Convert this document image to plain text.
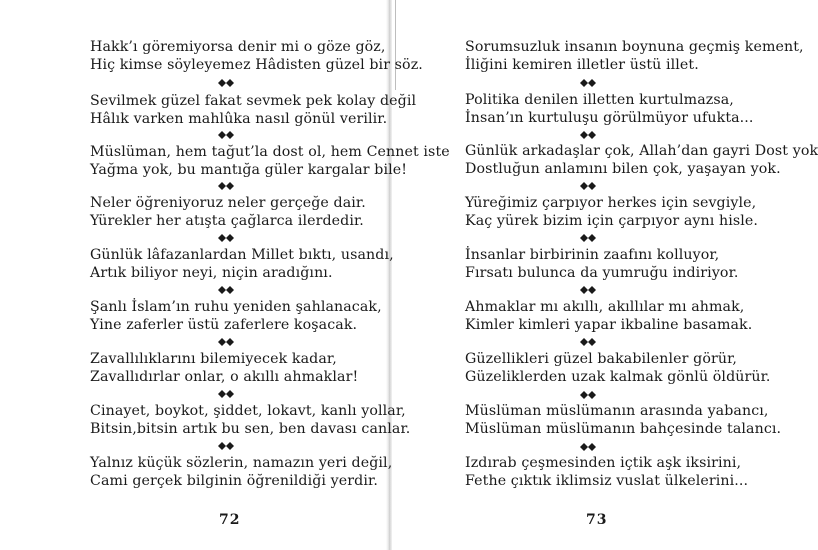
Hakk’ı göremiyorsa denir mi o göze göz,
Hiç kimse söyleyemez Hâdisten güzel bir söz.
Sevilmek güzel fakat sevmek pek kolay değil
Hâlık varken mahlûka nasıl gönül verilir.
Müslüman, hem tağut’la dost ol, hem Cennet iste
Yağma yok, bu mantığa güler kargalar bile!
Neler öğreniyoruz neler gerçeğe dair.
Yürekler her atışta çağlarca ilerdedir.
Günlük lâfazanlardan Millet bıktı, usandı,
Artık biliyor neyi, niçin aradığını.
Şanlı İslam’ın ruhu yeniden şahlanacak,
Yine zaferler üstü zaferlere koşacak.
Zavallılıklarını bilemiyecek kadar,
Zavallıdırlar onlar, o akıllı ahmaklar!
Cinayet, boykot, şiddet, lokavt, kanlı yollar,
Bitsin,bitsin artık bu sen, ben davası canlar.
Yalnız küçük sözlerin, namazın yeri değil,
Cami gerçek bilginin öğrenildiği yerdir.
72
Sorumsuzluk insanın boynuna geçmiş kement,
İliğini kemiren illetler üstü illet.
Politika denilen illetten kurtulmazsa,
İnsan’ın kurtuluşu görülmüyor ufukta...
Günlük arkadaşlar çok, Allah’dan gayri Dost yok
Dostluğun anlamını bilen çok, yaşayan yok.
Yüreğimiz çarpıyor herkes için sevgiyle,
Kaç yürek bizim için çarpıyor aynı hisle.
İnsanlar birbirinin zaafını kolluyor,
Fırsatı bulunca da yumruğu indiriyor.
Ahmaklar mı akıllı, akıllılar mı ahmak,
Kimler kimleri yapar ikbaline basamak.
Güzellikleri güzel bakabilenler görür,
Güzeliklerden uzak kalmak gönlü öldürür.
Müslüman müslümanın arasında yabancı,
Müslüman müslümanın bahçesinde talancı.
Izdırab çeşmesinden içtik aşk iksirini,
Fethe çıktık iklimsiz vuslat ülkelerini...
73
